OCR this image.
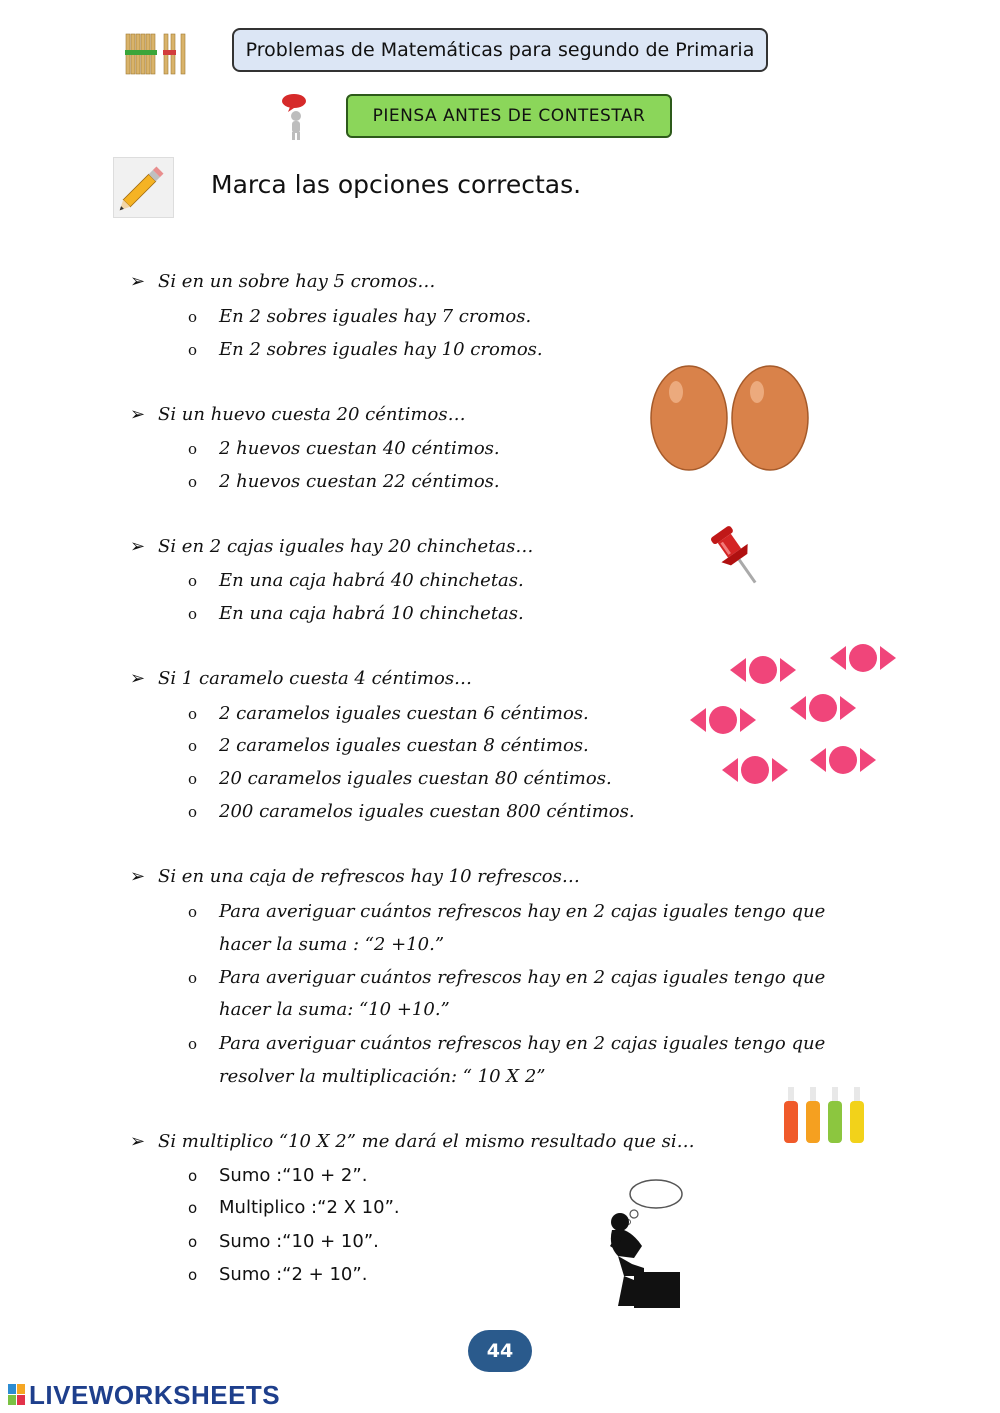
Problemas de Matemáticas para segundo de Primaria
PIENSA ANTES DE CONTESTAR
Marca las opciones correctas.
➢ Si en un sobre hay 5 cromos…
o En 2 sobres iguales hay 7 cromos.
o En 2 sobres iguales hay 10 cromos.
➢ Si un huevo cuesta 20 céntimos…
o 2 huevos cuestan 40 céntimos.
o 2 huevos cuestan 22 céntimos.
➢ Si en 2 cajas iguales hay 20 chinchetas…
o En una caja habrá 40 chinchetas.
o En una caja habrá 10 chinchetas.
➢ Si 1 caramelo cuesta 4 céntimos…
o 2 caramelos iguales cuestan 6 céntimos.
o 2 caramelos iguales cuestan 8 céntimos.
o 20 caramelos iguales cuestan 80 céntimos.
o 200 caramelos iguales cuestan 800 céntimos.
➢ Si en una caja de refrescos hay 10 refrescos…
o Para averiguar cuántos refrescos hay en 2 cajas iguales tengo que
hacer la suma : “2 +10.”
o Para averiguar cuántos refrescos hay en 2 cajas iguales tengo que
hacer la suma: “10 +10.”
o Para averiguar cuántos refrescos hay en 2 cajas iguales tengo que
resolver la multiplicación: “ 10 X 2”
➢ Si multiplico “10 X 2” me dará el mismo resultado que si…
o Sumo :“10 + 2”.
o Multiplico :“2 X 10”.
o Sumo :“10 + 10”.
o Sumo :“2 + 10”.
44
LIVEWORKSHEETS
